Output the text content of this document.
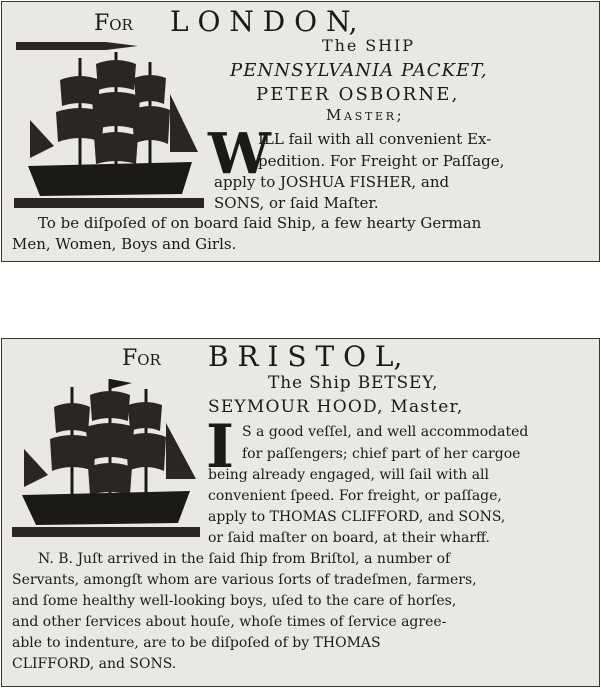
For L O N D O N,
The SHIP
PENNSYLVANIA PACKET,
PETER OSBORNE,
Master;
W
ILL fail with all convenient Ex-
pedition. For Freight or Paſſage,
apply to JOSHUA FISHER, and
SONS, or ſaid Maſter.
To be diſpoſed of on board ſaid Ship, a few hearty German
Men, Women, Boys and Girls.
For B R I S T O L,
The Ship BETSEY,
SEYMOUR HOOD, Master,
I S a good veſſel, and well accommodated
for paſſengers; chief part of her cargoe
being already engaged, will ſail with all
convenient ſpeed. For freight, or paſſage,
apply to THOMAS CLIFFORD, and SONS,
or ſaid maſter on board, at their wharff.
N. B. Juſt arrived in the ſaid ſhip from Briſtol, a number of
Servants, amongſt whom are various ſorts of tradeſmen, farmers,
and ſome healthy well-looking boys, uſed to the care of horſes,
and other ſervices about houſe, whoſe times of ſervice agree-
able to indenture, are to be diſpoſed of by THOMAS
CLIFFORD, and SONS.
